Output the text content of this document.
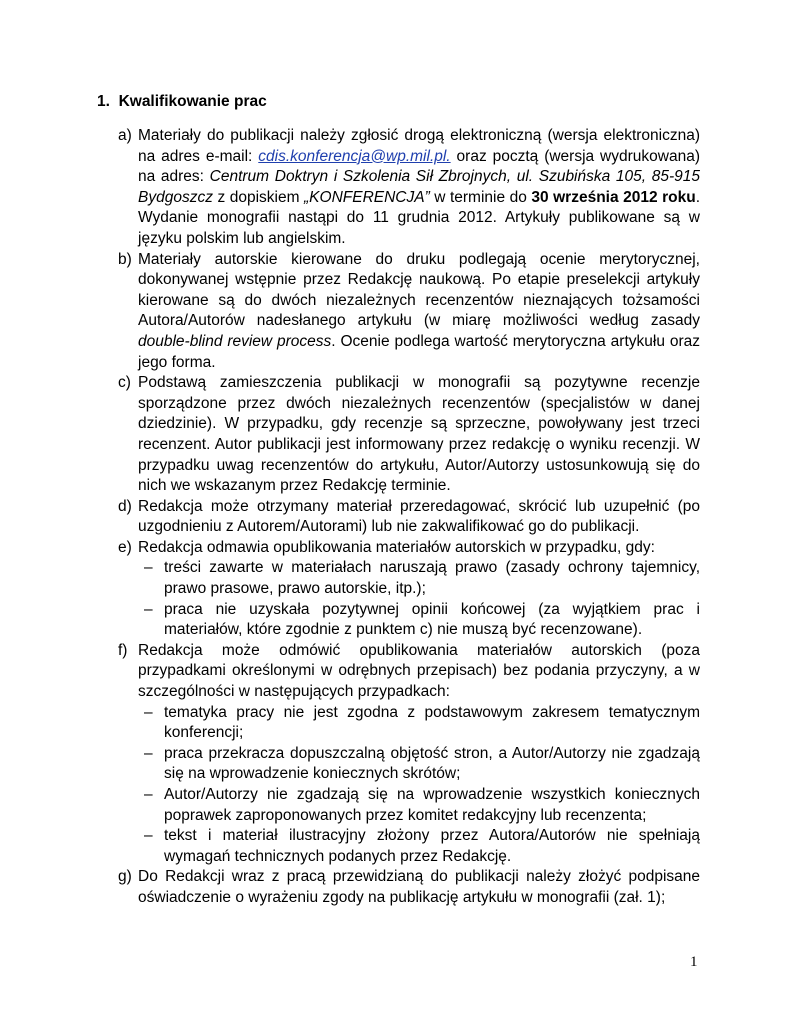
1. Kwalifikowanie prac
a) Materiały do publikacji należy zgłosić drogą elektroniczną (wersja elektroniczna) na adres e-mail: cdis.konferencja@wp.mil.pl. oraz pocztą (wersja wydrukowana) na adres: Centrum Doktryn i Szkolenia Sił Zbrojnych, ul. Szubińska 105, 85-915 Bydgoszcz z dopiskiem „KONFERENCJA” w terminie do 30 września 2012 roku. Wydanie monografii nastąpi do 11 grudnia 2012. Artykuły publikowane są w języku polskim lub angielskim.
b) Materiały autorskie kierowane do druku podlegają ocenie merytorycznej, dokonywanej wstępnie przez Redakcję naukową. Po etapie preselekcji artykuły kierowane są do dwóch niezależnych recenzentów nieznających tożsamości Autora/Autorów nadesłanego artykułu (w miarę możliwości według zasady double-blind review process. Ocenie podlega wartość merytoryczna artykułu oraz jego forma.
c) Podstawą zamieszczenia publikacji w monografii są pozytywne recenzje sporządzone przez dwóch niezależnych recenzentów (specjalistów w danej dziedzinie). W przypadku, gdy recenzje są sprzeczne, powoływany jest trzeci recenzent. Autor publikacji jest informowany przez redakcję o wyniku recenzji. W przypadku uwag recenzentów do artykułu, Autor/Autorzy ustosunkowują się do nich we wskazanym przez Redakcję terminie.
d) Redakcja może otrzymany materiał przeredagować, skrócić lub uzupełnić (po uzgodnieniu z Autorem/Autorami) lub nie zakwalifikować go do publikacji.
e) Redakcja odmawia opublikowania materiałów autorskich w przypadku, gdy:
– treści zawarte w materiałach naruszają prawo (zasady ochrony tajemnicy, prawo prasowe, prawo autorskie, itp.);
– praca nie uzyskała pozytywnej opinii końcowej (za wyjątkiem prac i materiałów, które zgodnie z punktem c) nie muszą być recenzowane).
f) Redakcja może odmówić opublikowania materiałów autorskich (poza przypadkami określonymi w odrębnych przepisach) bez podania przyczyny, a w szczególności w następujących przypadkach:
– tematyka pracy nie jest zgodna z podstawowym zakresem tematycznym konferencji;
– praca przekracza dopuszczalną objętość stron, a Autor/Autorzy nie zgadzają się na wprowadzenie koniecznych skrótów;
– Autor/Autorzy nie zgadzają się na wprowadzenie wszystkich koniecznych poprawek zaproponowanych przez komitet redakcyjny lub recenzenta;
– tekst i materiał ilustracyjny złożony przez Autora/Autorów nie spełniają wymagań technicznych podanych przez Redakcję.
g) Do Redakcji wraz z pracą przewidzianą do publikacji należy złożyć podpisane oświadczenie o wyrażeniu zgody na publikację artykułu w monografii (zał. 1);
1
